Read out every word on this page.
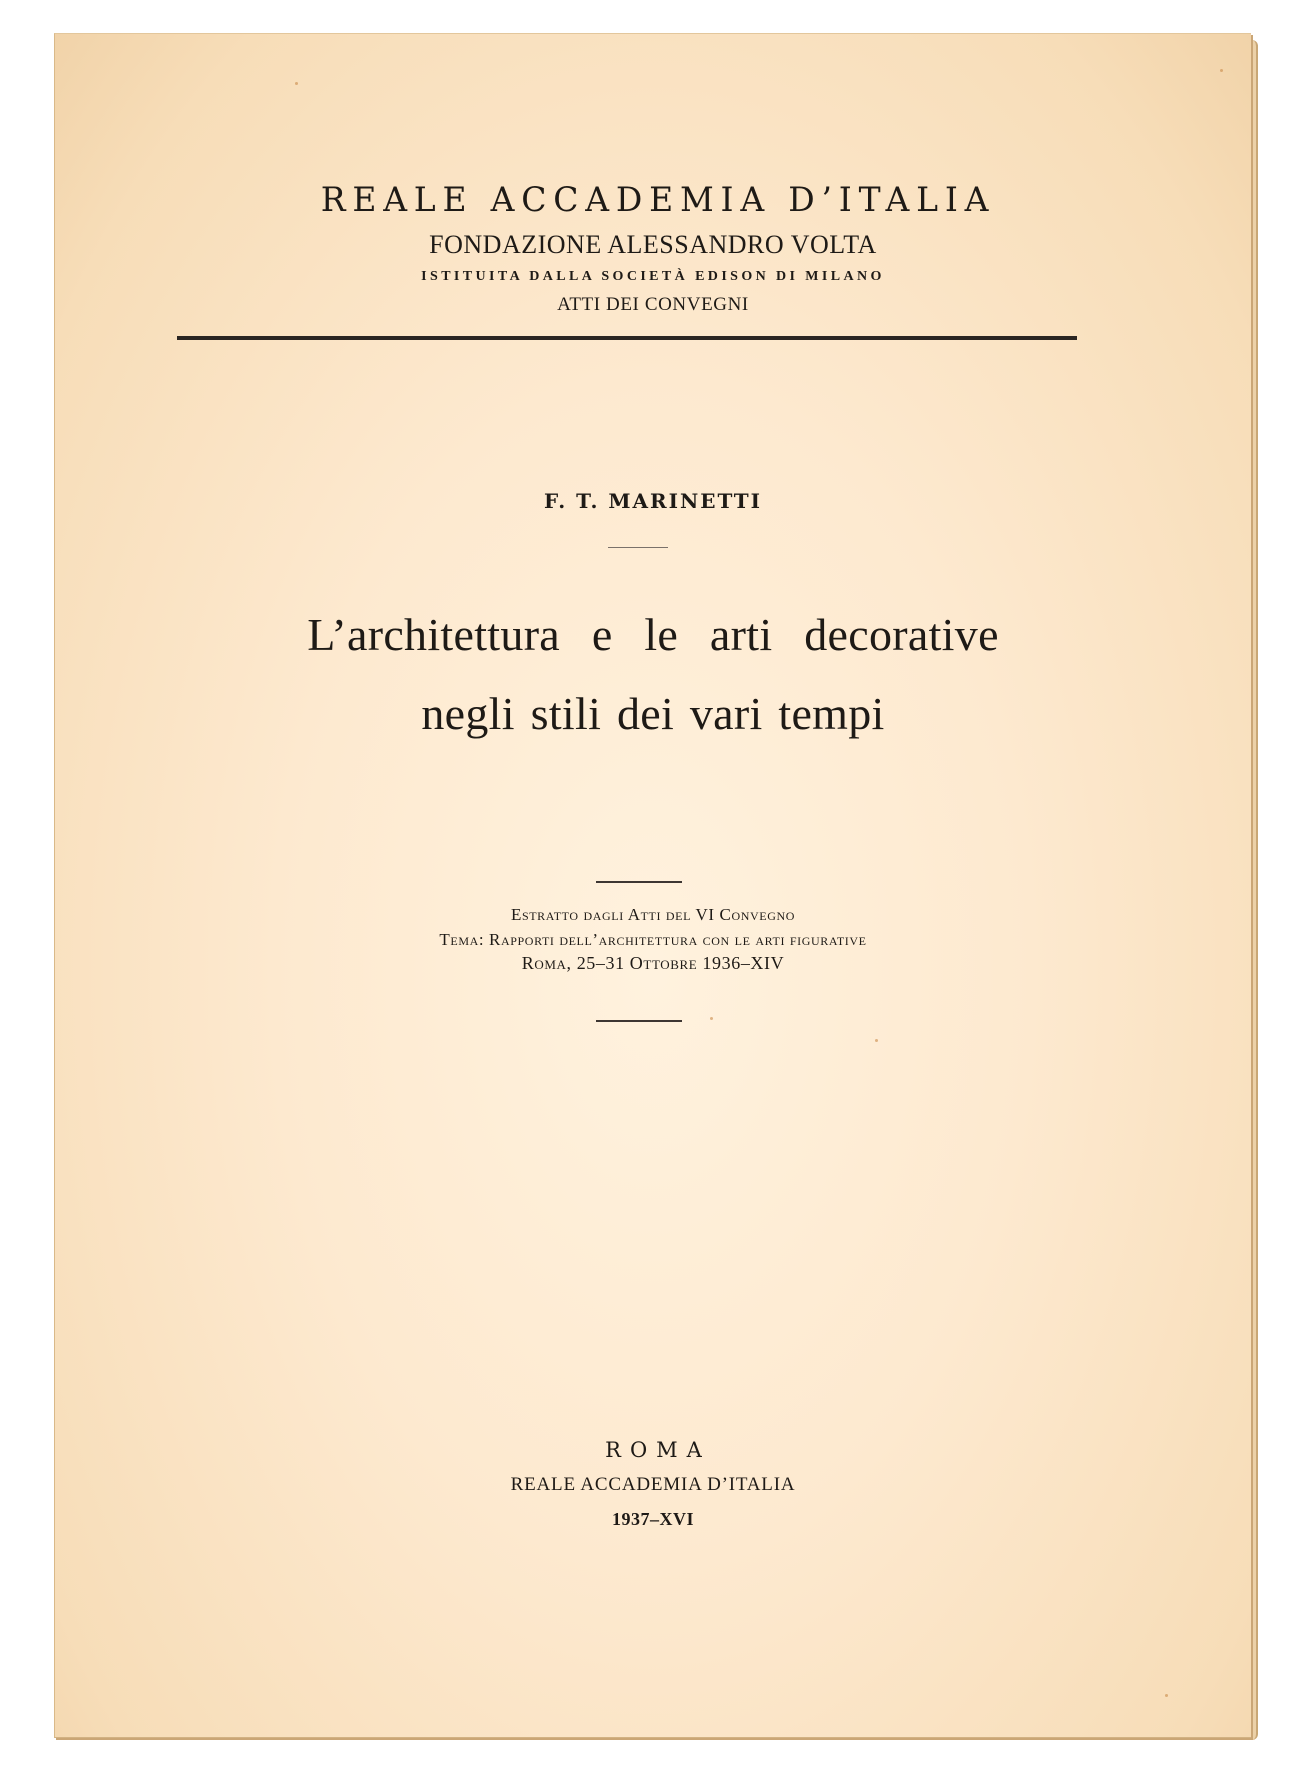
REALE ACCADEMIA D’ITALIA
FONDAZIONE ALESSANDRO VOLTA
ISTITUITA DALLA SOCIETÀ EDISON DI MILANO
ATTI DEI CONVEGNI
F. T. MARINETTI
L’architettura e le arti decorative
negli stili dei vari tempi
Estratto dagli Atti del VI Convegno
Tema: Rapporti dell’architettura con le arti figurative
Roma, 25–31 Ottobre 1936–XIV
ROMA
REALE ACCADEMIA D’ITALIA
1937–XVI
